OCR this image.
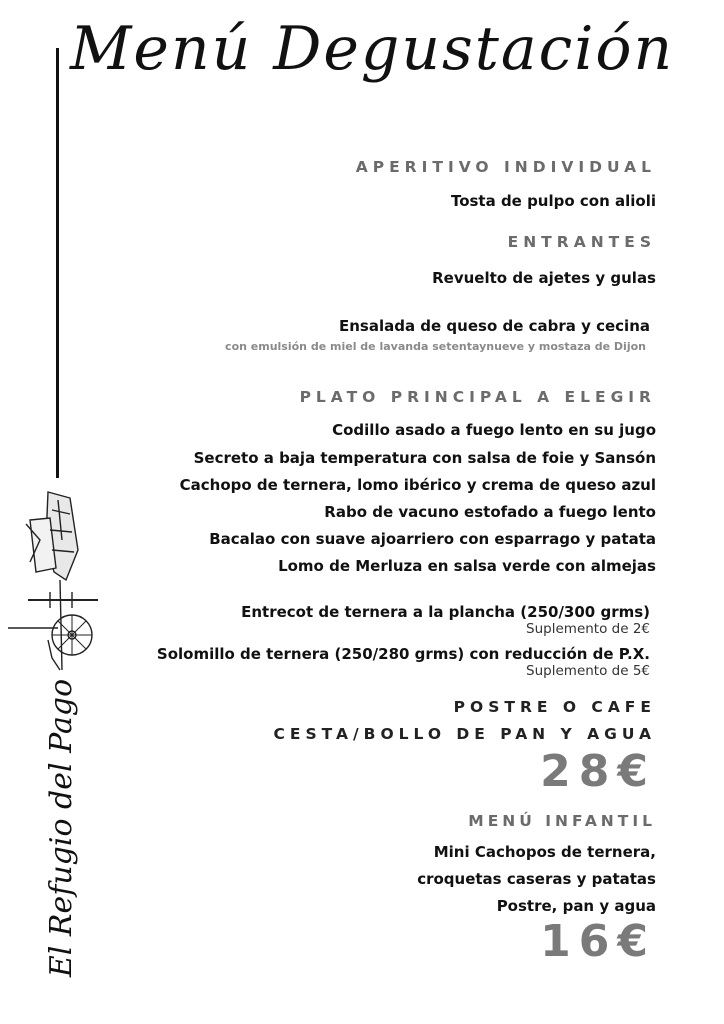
Menú Degustación
APERITIVO INDIVIDUAL
Tosta de pulpo con alioli
ENTRANTES
Revuelto de ajetes y gulas
Ensalada de queso de cabra y cecina
con emulsión de miel de lavanda setentaynueve y mostaza de Dijon
PLATO PRINCIPAL A ELEGIR
Codillo asado a fuego lento en su jugo
Secreto a baja temperatura con salsa de foie y Sansón
Cachopo de ternera, lomo ibérico y crema de queso azul
Rabo de vacuno estofado a fuego lento
Bacalao con suave ajoarriero con esparrago y patata
Lomo de Merluza en salsa verde con almejas
Entrecot de ternera a la plancha (250/300 grms)
Suplemento de 2€
Solomillo de ternera (250/280 grms) con reducción de P.X.
Suplemento de 5€
POSTRE O CAFE
CESTA/BOLLO DE PAN Y AGUA
28€
MENÚ INFANTIL
Mini Cachopos de ternera,
croquetas caseras y patatas
Postre, pan y agua
16€
El Refugio del Pago
